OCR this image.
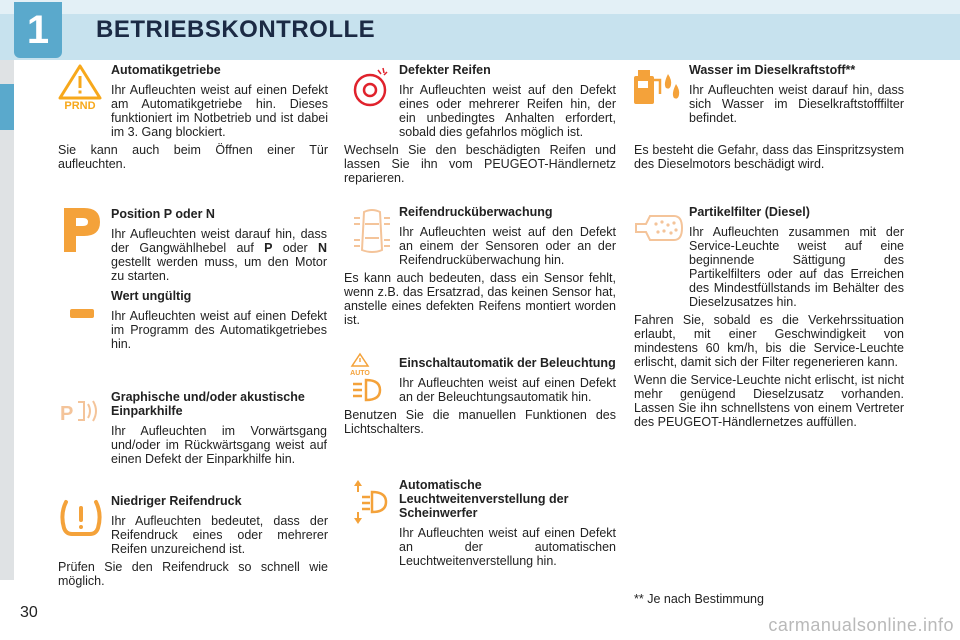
1	BETRIEBSKONTROLLE
PRND
Automatikgetriebe

Ihr Aufleuchten weist auf einen Defekt am Automatikgetriebe hin. Dieses funktioniert im Notbetrieb und ist dabei im 3. Gang blockiert.

Sie kann auch beim Öffnen einer Tür aufleuchten.

Position P oder N

Ihr Aufleuchten weist darauf hin, dass der Gangwählhebel auf P oder N gestellt werden muss, um den Motor zu starten.

Wert ungültig

Ihr Aufleuchten weist auf einen Defekt im Programm des Automatikgetriebes hin.

P
Graphische und/oder akustische Einparkhilfe

Ihr Aufleuchten im Vorwärtsgang und/oder im Rückwärtsgang weist auf einen Defekt der Einparkhilfe hin.

Niedriger Reifendruck

Ihr Aufleuchten bedeutet, dass der Reifendruck eines oder mehrerer Reifen unzureichend ist.

Prüfen Sie den Reifendruck so schnell wie möglich.

Defekter Reifen

Ihr Aufleuchten weist auf den Defekt eines oder mehrerer Reifen hin, der ein unbedingtes Anhalten erfordert, sobald dies gefahrlos möglich ist.

Wechseln Sie den beschädigten Reifen und lassen Sie ihn vom PEUGEOT-Händlernetz reparieren.

Reifendrucküberwachung

Ihr Aufleuchten weist auf den Defekt an einem der Sensoren oder an der Reifendrucküberwachung hin.

Es kann auch bedeuten, dass ein Sensor fehlt, wenn z.B. das Ersatzrad, das keinen Sensor hat, anstelle eines defekten Reifens montiert worden ist.

AUTO
Einschaltautomatik der Beleuchtung

Ihr Aufleuchten weist auf einen Defekt an der Beleuchtungsautomatik hin.

Benutzen Sie die manuellen Funktionen des Lichtschalters.

Automatische Leuchtweitenverstellung der Scheinwerfer

Ihr Aufleuchten weist auf einen Defekt an der automatischen Leuchtweitenverstellung hin.

Wasser im Dieselkraftstoff**

Ihr Aufleuchten weist darauf hin, dass sich Wasser im Dieselkraftstofffilter befindet.

Es besteht die Gefahr, dass das Einspritzsystem des Dieselmotors beschädigt wird.

Partikelfilter (Diesel)

Ihr Aufleuchten zusammen mit der Service-Leuchte weist auf eine beginnende Sättigung des Partikelfilters oder auf das Erreichen des Mindestfüllstands im Behälter des Dieselzusatzes hin.

Fahren Sie, sobald es die Verkehrssituation erlaubt, mit einer Geschwindigkeit von mindestens 60 km/h, bis die Service-Leuchte erlischt, damit sich der Filter regenerieren kann.

Wenn die Service-Leuchte nicht erlischt, ist nicht mehr genügend Dieselzusatz vorhanden. Lassen Sie ihn schnellstens von einem Vertreter des PEUGEOT-Händlernetzes auffüllen.

** Je nach Bestimmung
30
carmanualsonline.info
